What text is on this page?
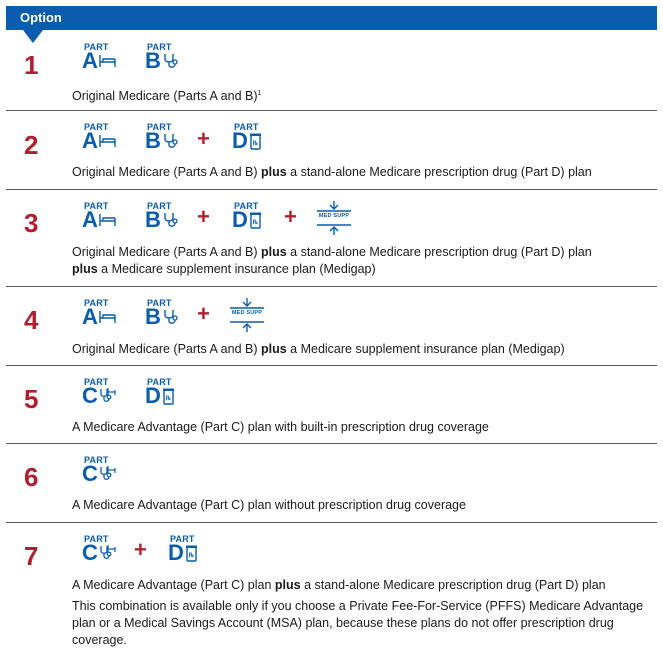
Option
1
PART
A
PART
B
Original Medicare (Parts A and B)$^1$
2
PART
A
PART
B +	PART
D
Original Medicare (Parts A and B) plus a stand-alone Medicare prescription drug (Part D) plan
3
PART
A
PART
B +	PART
D +	MED SUPP
Original Medicare (Parts A and B) plus a stand-alone Medicare prescription drug (Part D) plan
plus a Medicare supplement insurance plan (Medigap)
4
PART
A
PART
B +	MED SUPP
Original Medicare (Parts A and B) plus a Medicare supplement insurance plan (Medigap)
5
PART
C
PART
D
A Medicare Advantage (Part C) plan with built-in prescription drug coverage
6
PART
C
A Medicare Advantage (Part C) plan without prescription drug coverage
7
PART
C +	PART
D
A Medicare Advantage (Part C) plan plus a stand-alone Medicare prescription drug (Part D) plan
This combination is available only if you choose a Private Fee-For-Service (PFFS) Medicare Advantage plan or a Medical Savings Account (MSA) plan, because these plans do not offer prescription drug coverage.
